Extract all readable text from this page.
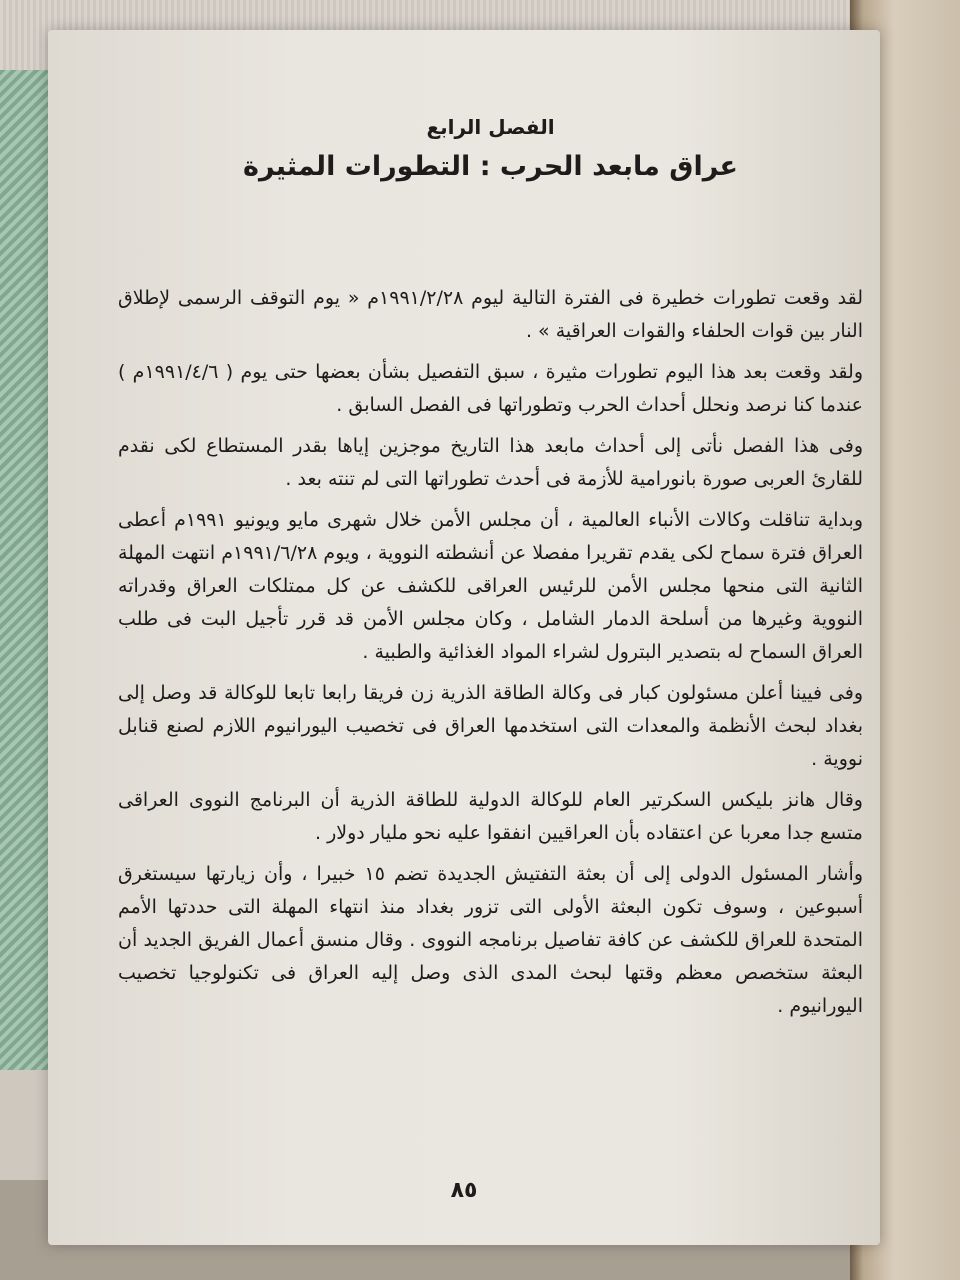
الفصل الرابع
عراق مابعد الحرب : التطورات المثيرة

لقد وقعت تطورات خطيرة فى الفترة التالية ليوم ١٩٩١/٢/٢٨م « يوم التوقف الرسمى لإطلاق النار بين قوات الحلفاء والقوات العراقية » .

ولقد وقعت بعد هذا اليوم تطورات مثيرة ، سبق التفصيل بشأن بعضها حتى يوم ( ١٩٩١/٤/٦م ) عندما كنا نرصد ونحلل أحداث الحرب وتطوراتها فى الفصل السابق .

وفى هذا الفصل نأتى إلى أحداث مابعد هذا التاريخ موجزين إياها بقدر المستطاع لكى نقدم للقارئ العربى صورة بانورامية للأزمة فى أحدث تطوراتها التى لم تنته بعد .

وبداية تناقلت وكالات الأنباء العالمية ، أن مجلس الأمن خلال شهرى مايو ويونيو ١٩٩١م أعطى العراق فترة سماح لكى يقدم تقريرا مفصلا عن أنشطته النووية ، ويوم ١٩٩١/٦/٢٨م انتهت المهلة الثانية التى منحها مجلس الأمن للرئيس العراقى للكشف عن كل ممتلكات العراق وقدراته النووية وغيرها من أسلحة الدمار الشامل ، وكان مجلس الأمن قد قرر تأجيل البت فى طلب العراق السماح له بتصدير البترول لشراء المواد الغذائية والطبية .

وفى فيينا أعلن مسئولون كبار فى وكالة الطاقة الذرية زن فريقا رابعا تابعا للوكالة قد وصل إلى بغداد لبحث الأنظمة والمعدات التى استخدمها العراق فى تخصيب اليورانيوم اللازم لصنع قنابل نووية .

وقال هانز بليكس السكرتير العام للوكالة الدولية للطاقة الذرية أن البرنامج النووى العراقى متسع جدا معربا عن اعتقاده بأن العراقيين انفقوا عليه نحو مليار دولار .

وأشار المسئول الدولى إلى أن بعثة التفتيش الجديدة تضم ١٥ خبيرا ، وأن زيارتها سيستغرق أسبوعين ، وسوف تكون البعثة الأولى التى تزور بغداد منذ انتهاء المهلة التى حددتها الأمم المتحدة للعراق للكشف عن كافة تفاصيل برنامجه النووى . وقال منسق أعمال الفريق الجديد أن البعثة ستخصص معظم وقتها لبحث المدى الذى وصل إليه العراق فى تكنولوجيا تخصيب اليورانيوم .

٨٥
